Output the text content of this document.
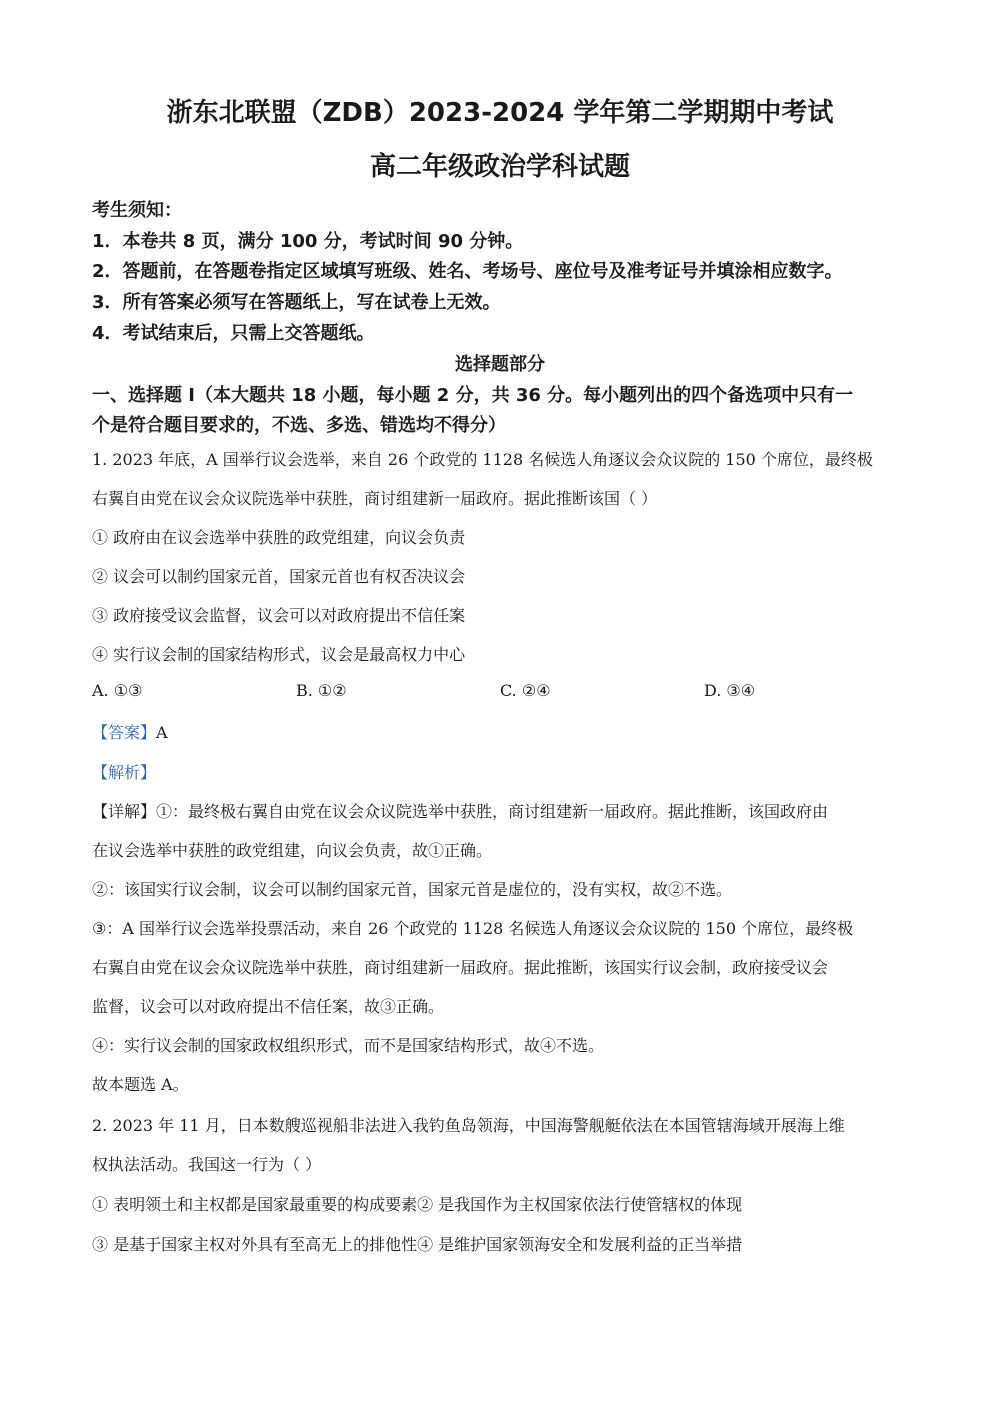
浙东北联盟（ZDB）2023-2024 学年第二学期期中考试
高二年级政治学科试题
考生须知：
1．本卷共 8 页，满分 100 分，考试时间 90 分钟。
2．答题前，在答题卷指定区域填写班级、姓名、考场号、座位号及准考证号并填涂相应数字。
3．所有答案必须写在答题纸上，写在试卷上无效。
4．考试结束后，只需上交答题纸。
选择题部分
一、选择题 I（本大题共 18 小题，每小题 2 分，共 36 分。每小题列出的四个备选项中只有一
个是符合题目要求的，不选、多选、错选均不得分）
1. 2023 年底，A 国举行议会选举，来自 26 个政党的 1128 名候选人角逐议会众议院的 150 个席位，最终极
右翼自由党在议会众议院选举中获胜，商讨组建新一届政府。据此推断该国（ ）
① 政府由在议会选举中获胜的政党组建，向议会负责
② 议会可以制约国家元首，国家元首也有权否决议会
③ 政府接受议会监督，议会可以对政府提出不信任案
④ 实行议会制的国家结构形式，议会是最高权力中心
A. ①③	B. ①②	C. ②④	D. ③④
【答案】A
【解析】
【详解】①：最终极右翼自由党在议会众议院选举中获胜，商讨组建新一届政府。据此推断，该国政府由
在议会选举中获胜的政党组建，向议会负责，故①正确。
②：该国实行议会制，议会可以制约国家元首，国家元首是虚位的，没有实权，故②不选。
③：A 国举行议会选举投票活动，来自 26 个政党的 1128 名候选人角逐议会众议院的 150 个席位，最终极
右翼自由党在议会众议院选举中获胜，商讨组建新一届政府。据此推断，该国实行议会制，政府接受议会
监督，议会可以对政府提出不信任案，故③正确。
④：实行议会制的国家政权组织形式，而不是国家结构形式，故④不选。
故本题选 A。
2. 2023 年 11 月，日本数艘巡视船非法进入我钓鱼岛领海，中国海警舰艇依法在本国管辖海域开展海上维
权执法活动。我国这一行为（ ）
① 表明领土和主权都是国家最重要的构成要素② 是我国作为主权国家依法行使管辖权的体现
③ 是基于国家主权对外具有至高无上的排他性④ 是维护国家领海安全和发展利益的正当举措
